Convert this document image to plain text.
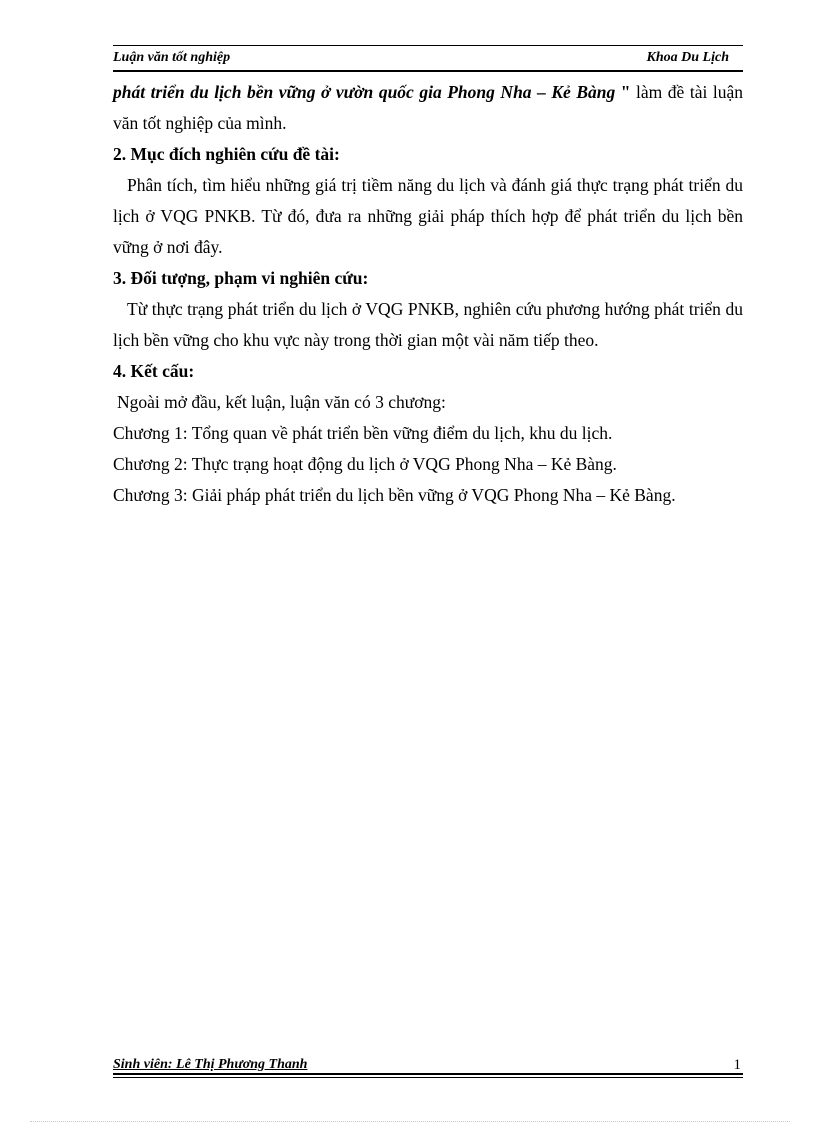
Luận văn tốt nghiệp	Khoa Du Lịch

phát triển du lịch bền vững ở vườn quốc gia Phong Nha – Kẻ Bàng " làm đề tài luận văn tốt nghiệp của mình.

2. Mục đích nghiên cứu đề tài:

Phân tích, tìm hiểu những giá trị tiềm năng du lịch và đánh giá thực trạng phát triển du lịch ở VQG PNKB. Từ đó, đưa ra những giải pháp thích hợp để phát triển du lịch bền vững ở nơi đây.

3. Đối tượng, phạm vi nghiên cứu:

Từ thực trạng phát triển du lịch ở VQG PNKB, nghiên cứu phương hướng phát triển du lịch bền vững cho khu vực này trong thời gian một vài năm tiếp theo.

4. Kết cấu:

Ngoài mở đầu, kết luận, luận văn có 3 chương:

Chương 1: Tổng quan về phát triển bền vững điểm du lịch, khu du lịch.

Chương 2: Thực trạng hoạt động du lịch ở VQG Phong Nha – Kẻ Bàng.

Chương 3: Giải pháp phát triển du lịch bền vững ở VQG Phong Nha – Kẻ Bàng.

Sinh viên: Lê Thị Phương Thanh	1
